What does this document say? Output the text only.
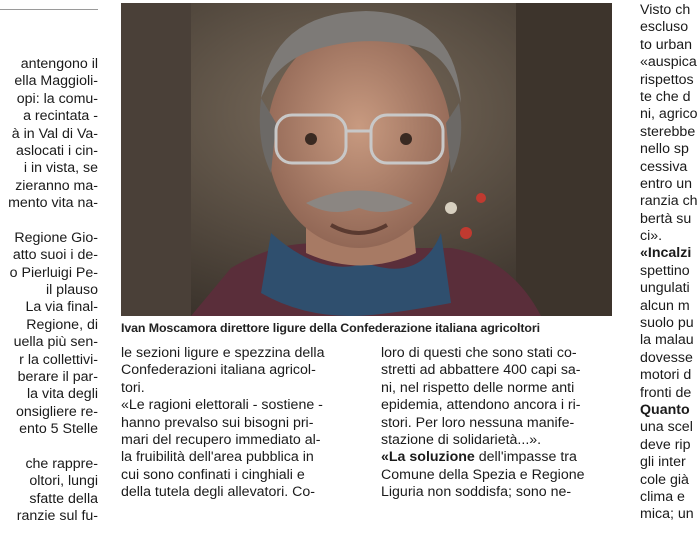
antengono il
ella Maggioli-
opi: la comu-
a recintata -
à in Val di Va-
aslocati i cin-
i in vista, se
zieranno ma-
mento vita na-
Regione Gio-
atto suoi i de-
o Pierluigi Pe-
il plauso
La via final-
Regione, di
uella più sen-
r la collettivi-
berare il par-
la vita degli
onsigliere re-
ento 5 Stelle
che rappre-
oltori, lungi
sfatte della
ranzie sul fu-
Ivan Moscamora direttore ligure della Confederazione italiana agricoltori
le sezioni ligure e spezzina della
Confederazioni italiana agricol-
tori.
«Le ragioni elettorali - sostiene -
hanno prevalso sui bisogni pri-
mari del recupero immediato al-
la fruibilità dell'area pubblica in
cui sono confinati i cinghiali e
della tutela degli allevatori. Co-
loro di questi che sono stati co-
stretti ad abbattere 400 capi sa-
ni, nel rispetto delle norme anti
epidemia, attendono ancora i ri-
stori. Per loro nessuna manife-
stazione di solidarietà...».
«La soluzione dell'impasse tra
Comune della Spezia e Regione
Liguria non soddisfa; sono ne-
Visto ch
escluso
to urban
«auspica
rispettos
te che d
ni, agrico
sterebbe
nello sp
cessiva
entro un
ranzia ch
bertà su
ci».
«Incalzi
spettino
ungulati
alcun m
suolo pu
la malau
dovesse
motori d
fronti de
Quanto
una scel
deve rip
gli inter
cole già
clima e
mica; un
